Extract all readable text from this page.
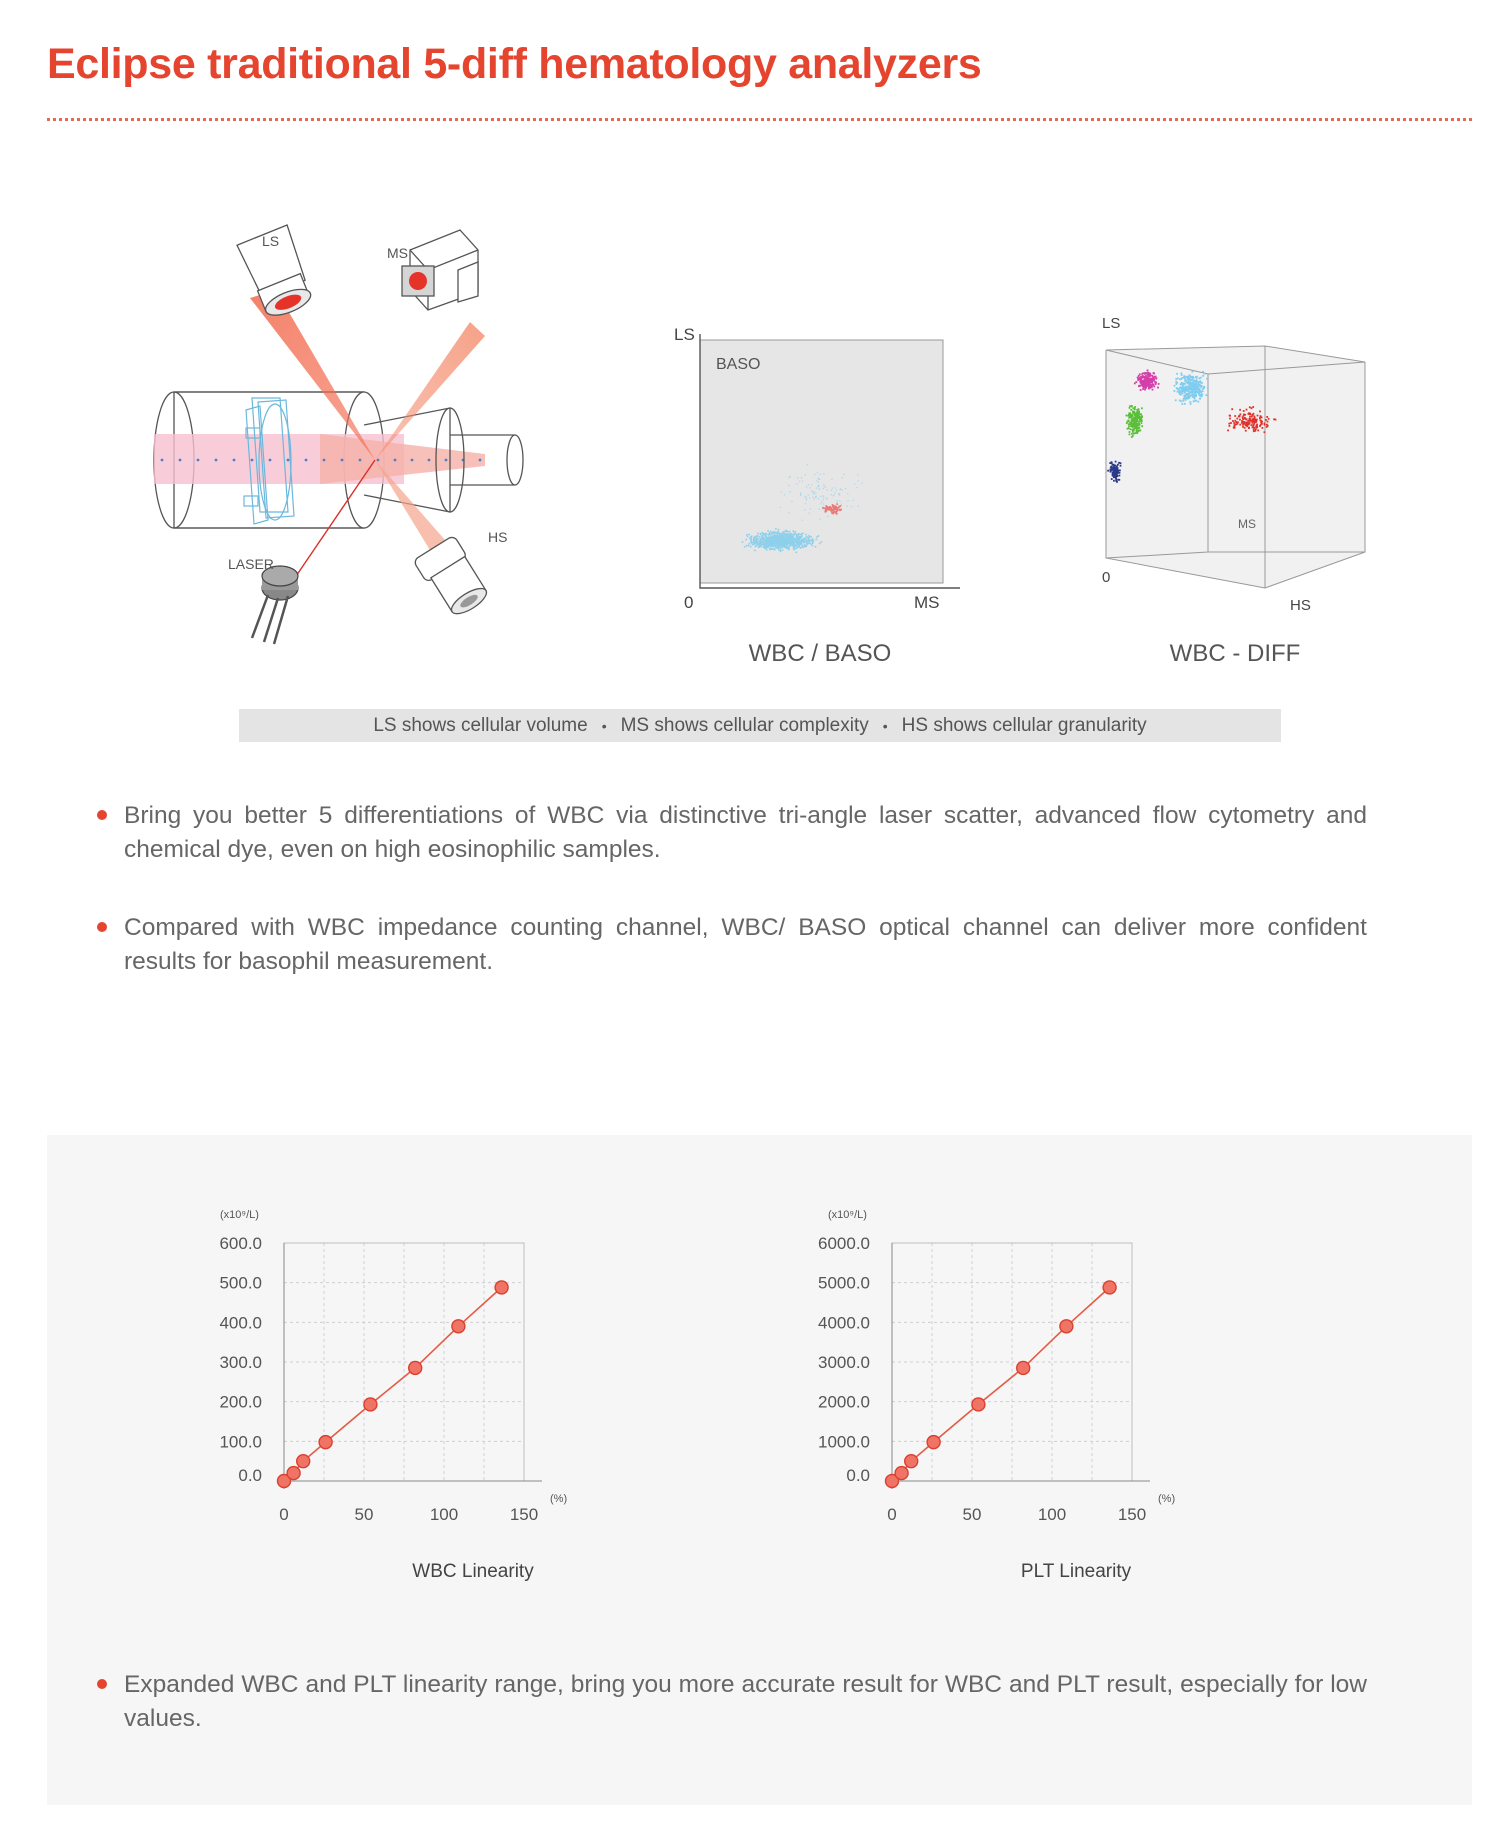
Eclipse traditional 5-diff hematology analyzers
LS
MS
HS
LASER
LS
MS
0
BASO
WBC / BASO
LS
0
MS
HS
WBC - DIFF
LS shows cellular volume • MS shows cellular complexity • HS shows cellular granularity
Bring you better 5 differentiations of WBC via distinctive tri-angle laser scatter, advanced flow cytometry and chemical dye, even on high eosinophilic samples.
Compared with WBC impedance counting channel, WBC/ BASO optical channel can deliver more confident results for basophil measurement.
0.0
100.0
200.0
300.0
400.0
500.0
600.0
0	50	100	150
(x10⁹/L)
(%)
WBC Linearity
0.0
1000.0
2000.0
3000.0
4000.0
5000.0
6000.0
0	50	100	150
(x10⁹/L)
(%)
PLT Linearity
Expanded WBC and PLT linearity range, bring you more accurate result for WBC and PLT result, especially for low values.
